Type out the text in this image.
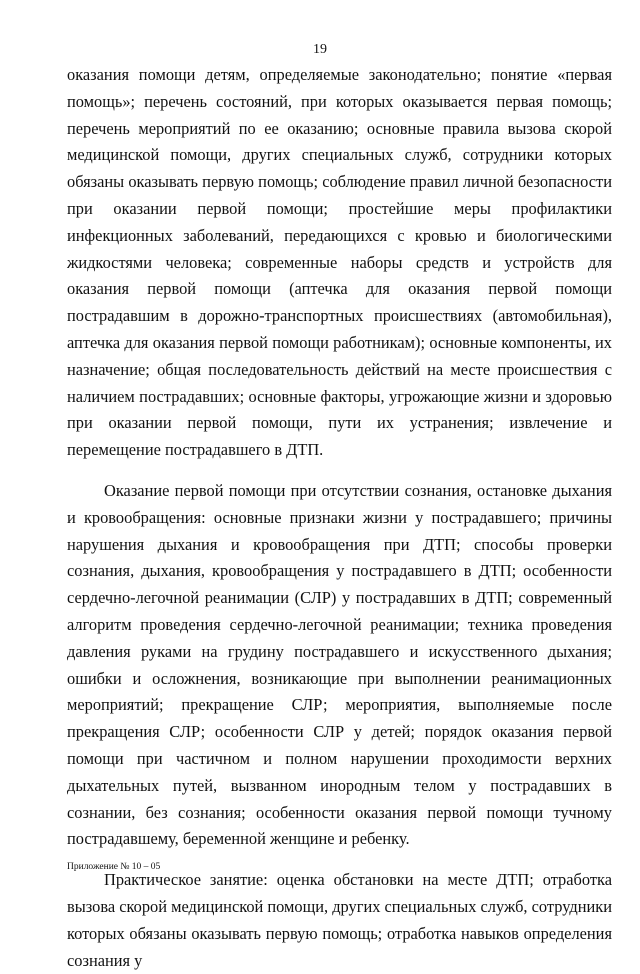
19

оказания помощи детям, определяемые законодательно; понятие «первая помощь»; перечень состояний, при которых оказывается первая помощь; перечень мероприятий по ее оказанию; основные правила вызова скорой медицинской помощи, других специальных служб, сотрудники которых обязаны оказывать первую помощь; соблюдение правил личной безопасности при оказании первой помощи; простейшие меры профилактики инфекционных заболеваний, передающихся с кровью и биологическими жидкостями человека; современные наборы средств и устройств для оказания первой помощи (аптечка для оказания первой помощи пострадавшим в дорожно-транспортных происшествиях (автомобильная), аптечка для оказания первой помощи работникам); основные компоненты, их назначение; общая последовательность действий на месте происшествия с наличием пострадавших; основные факторы, угрожающие жизни и здоровью при оказании первой помощи, пути их устранения; извлечение и перемещение пострадавшего в ДТП.

Оказание первой помощи при отсутствии сознания, остановке дыхания и кровообращения: основные признаки жизни у пострадавшего; причины нарушения дыхания и кровообращения при ДТП; способы проверки сознания, дыхания, кровообращения у пострадавшего в ДТП; особенности сердечно-легочной реанимации (СЛР) у пострадавших в ДТП; современный алгоритм проведения сердечно-легочной реанимации; техника проведения давления руками на грудину пострадавшего и искусственного дыхания; ошибки и осложнения, возникающие при выполнении реанимационных мероприятий; прекращение СЛР; мероприятия, выполняемые после прекращения СЛР; особенности СЛР у детей; порядок оказания первой помощи при частичном и полном нарушении проходимости верхних дыхательных путей, вызванном инородным телом у пострадавших в сознании, без сознания; особенности оказания первой помощи тучному пострадавшему, беременной женщине и ребенку.

Практическое занятие: оценка обстановки на месте ДТП; отработка вызова скорой медицинской помощи, других специальных служб, сотрудники которых обязаны оказывать первую помощь; отработка навыков определения сознания у

Приложение № 10 – 05
